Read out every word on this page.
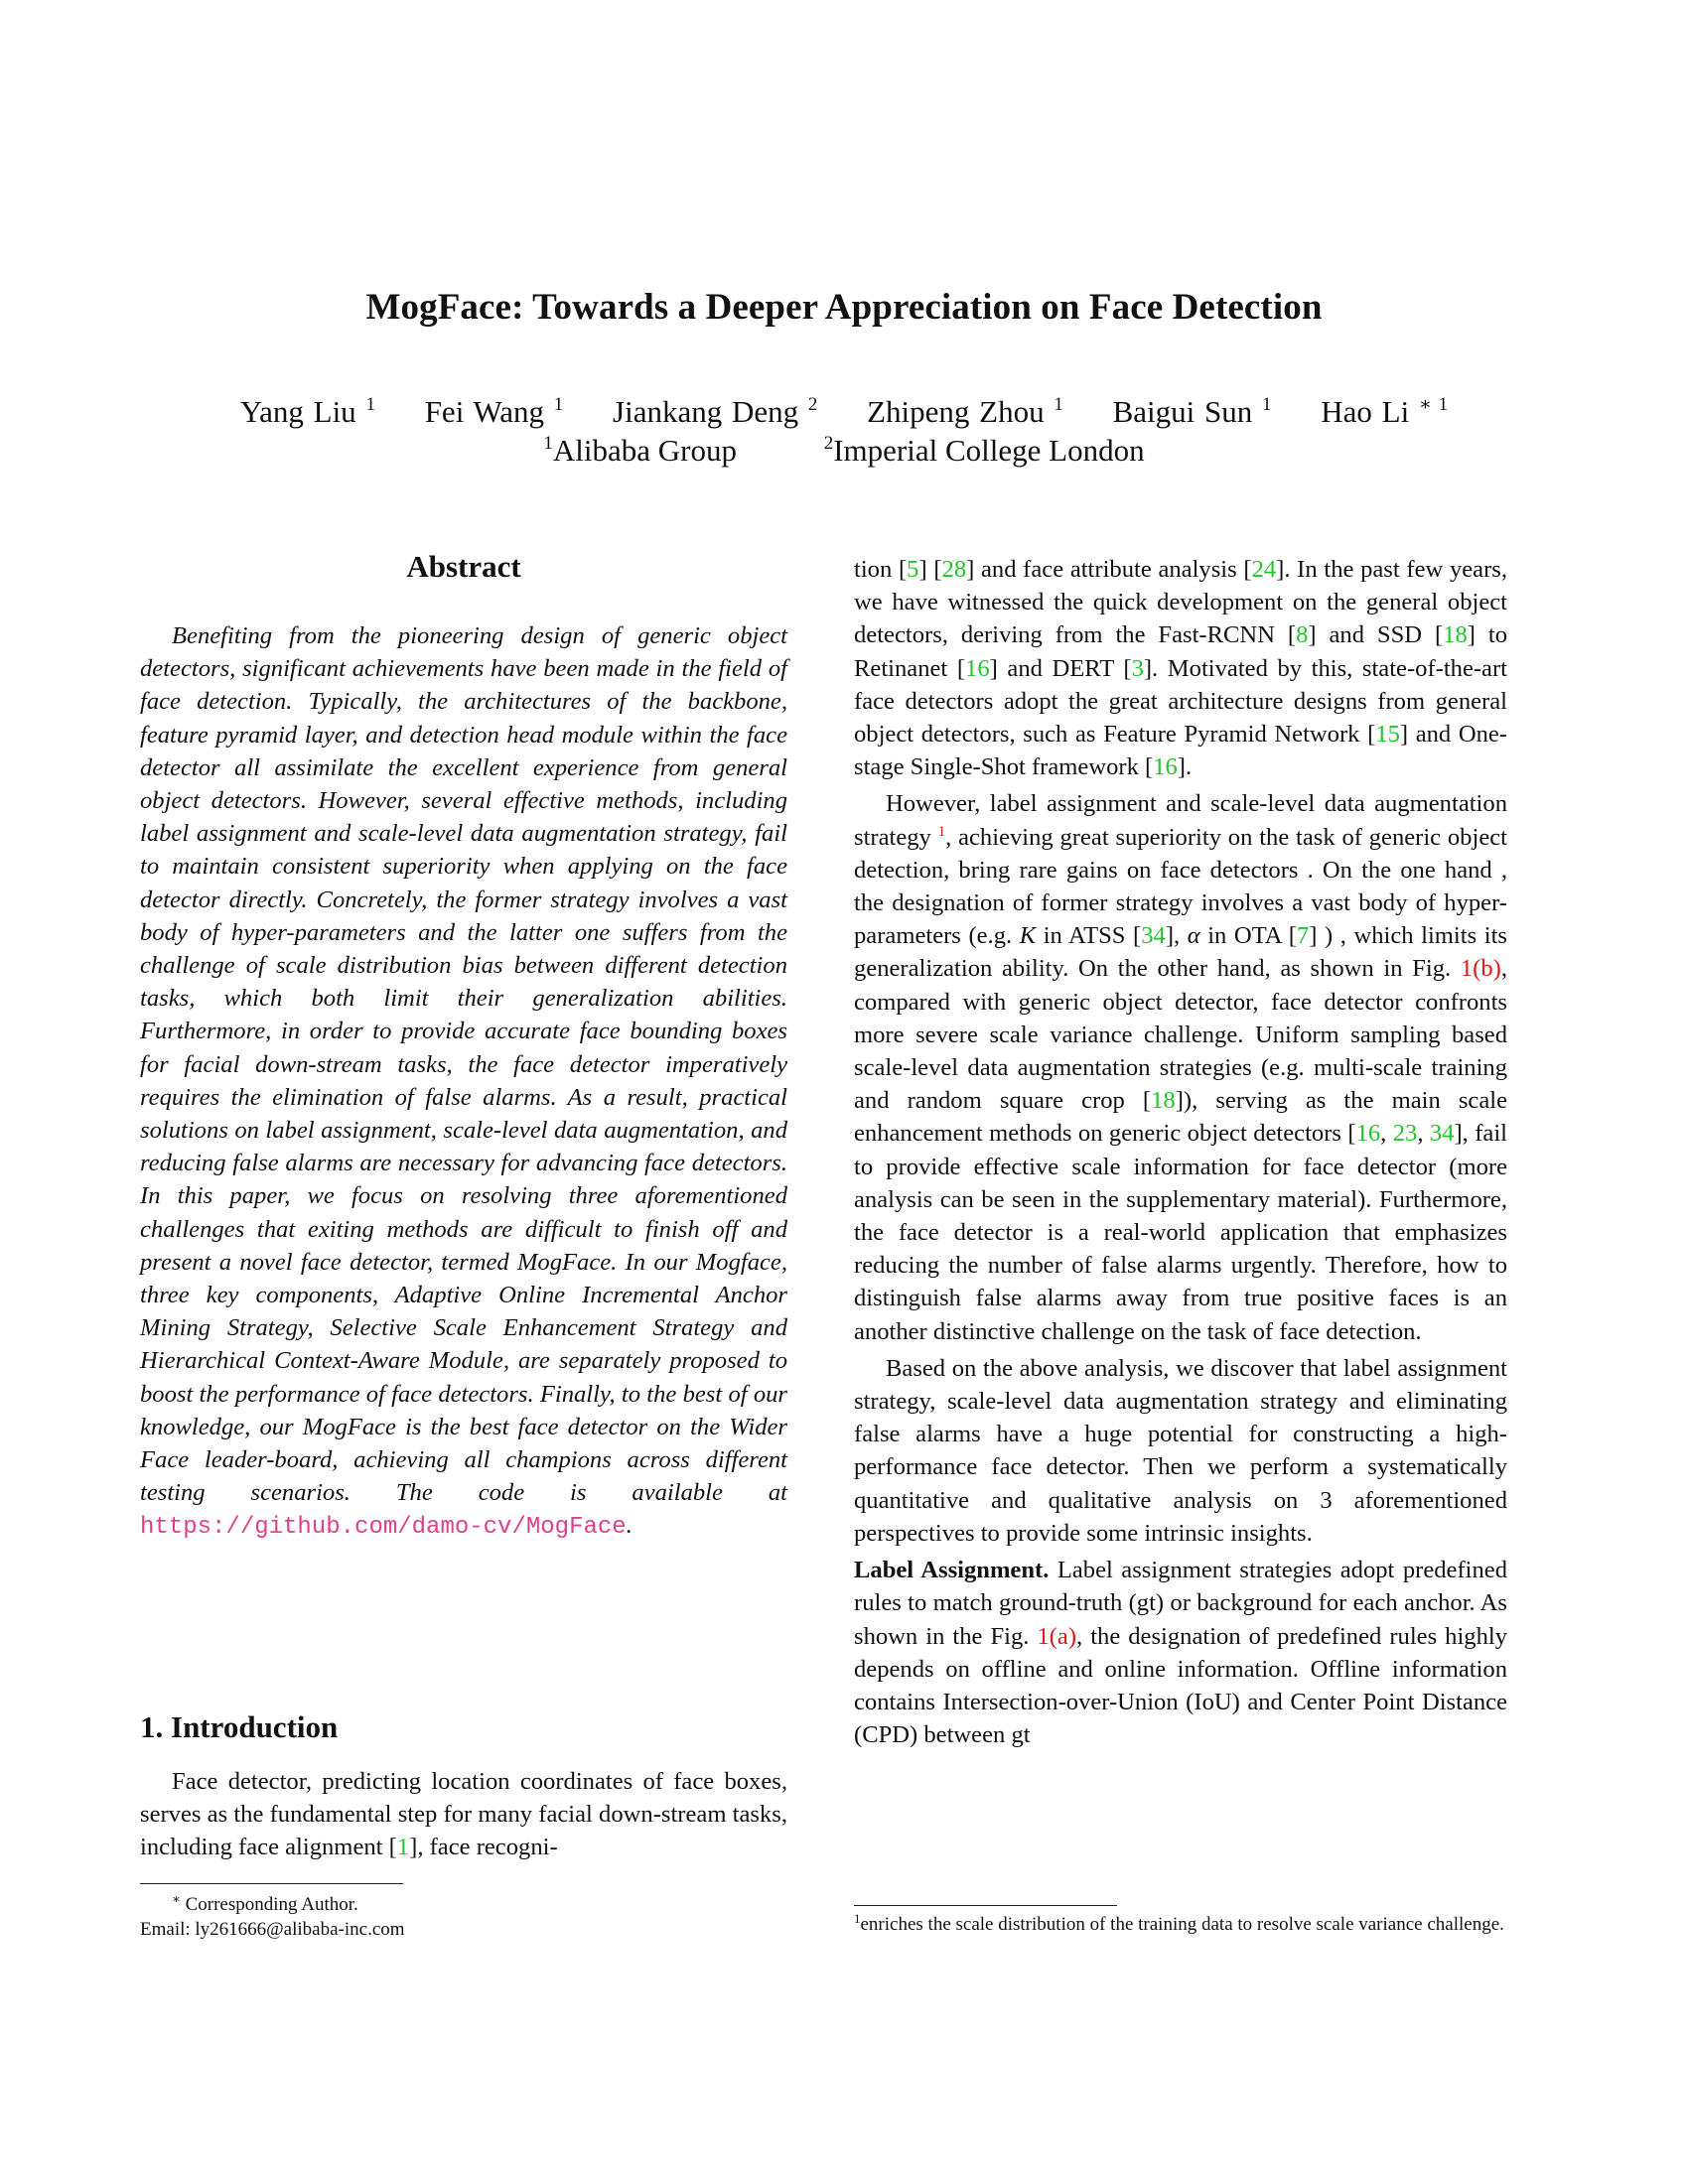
MogFace: Towards a Deeper Appreciation on Face Detection
Yang Liu $^1$ Fei Wang $^1$ Jiankang Deng $^2$ Zhipeng Zhou $^1$ Baigui Sun $^1$ Hao Li $^{∗ 1}$
$^1$Alibaba Group	$^2$Imperial College London
Abstract
Benefiting from the pioneering design of generic object detectors, significant achievements have been made in the field of face detection. Typically, the architectures of the backbone, feature pyramid layer, and detection head module within the face detector all assimilate the excellent experience from general object detectors. However, several effective methods, including label assignment and scale-level data augmentation strategy, fail to maintain consistent superiority when applying on the face detector directly. Concretely, the former strategy involves a vast body of hyper-parameters and the latter one suffers from the challenge of scale distribution bias between different detection tasks, which both limit their generalization abilities. Furthermore, in order to provide accurate face bounding boxes for facial down-stream tasks, the face detector imperatively requires the elimination of false alarms. As a result, practical solutions on label assignment, scale-level data augmentation, and reducing false alarms are necessary for advancing face detectors. In this paper, we focus on resolving three aforementioned challenges that exiting methods are difficult to finish off and present a novel face detector, termed MogFace. In our Mogface, three key components, Adaptive Online Incremental Anchor Mining Strategy, Selective Scale Enhancement Strategy and Hierarchical Context-Aware Module, are separately proposed to boost the performance of face detectors. Finally, to the best of our knowledge, our MogFace is the best face detector on the Wider Face leader-board, achieving all champions across different testing scenarios. The code is available at https://github.com/damo-cv/MogFace.
1. Introduction
Face detector, predicting location coordinates of face boxes, serves as the fundamental step for many facial down-stream tasks, including face alignment [1], face recogni-
∗ Corresponding Author.
Email: ly261666@alibaba-inc.com

tion [5] [28] and face attribute analysis [24]. In the past few years, we have witnessed the quick development on the general object detectors, deriving from the Fast-RCNN [8] and SSD [18] to Retinanet [16] and DERT [3]. Motivated by this, state-of-the-art face detectors adopt the great architecture designs from general object detectors, such as Feature Pyramid Network [15] and One-stage Single-Shot framework [16].

However, label assignment and scale-level data augmentation strategy $^1$, achieving great superiority on the task of generic object detection, bring rare gains on face detectors . On the one hand , the designation of former strategy involves a vast body of hyper-parameters (e.g. K in ATSS [34], α in OTA [7] ) , which limits its generalization ability. On the other hand, as shown in Fig. 1(b), compared with generic object detector, face detector confronts more severe scale variance challenge. Uniform sampling based scale-level data augmentation strategies (e.g. multi-scale training and random square crop [18]), serving as the main scale enhancement methods on generic object detectors [16, 23, 34], fail to provide effective scale information for face detector (more analysis can be seen in the supplementary material). Furthermore, the face detector is a real-world application that emphasizes reducing the number of false alarms urgently. Therefore, how to distinguish false alarms away from true positive faces is an another distinctive challenge on the task of face detection.

Based on the above analysis, we discover that label assignment strategy, scale-level data augmentation strategy and eliminating false alarms have a huge potential for constructing a high-performance face detector. Then we perform a systematically quantitative and qualitative analysis on 3 aforementioned perspectives to provide some intrinsic insights.

Label Assignment. Label assignment strategies adopt predefined rules to match ground-truth (gt) or background for each anchor. As shown in the Fig. 1(a), the designation of predefined rules highly depends on offline and online information. Offline information contains Intersection-over-Union (IoU) and Center Point Distance (CPD) between gt

$^1$enriches the scale distribution of the training data to resolve scale variance challenge.
